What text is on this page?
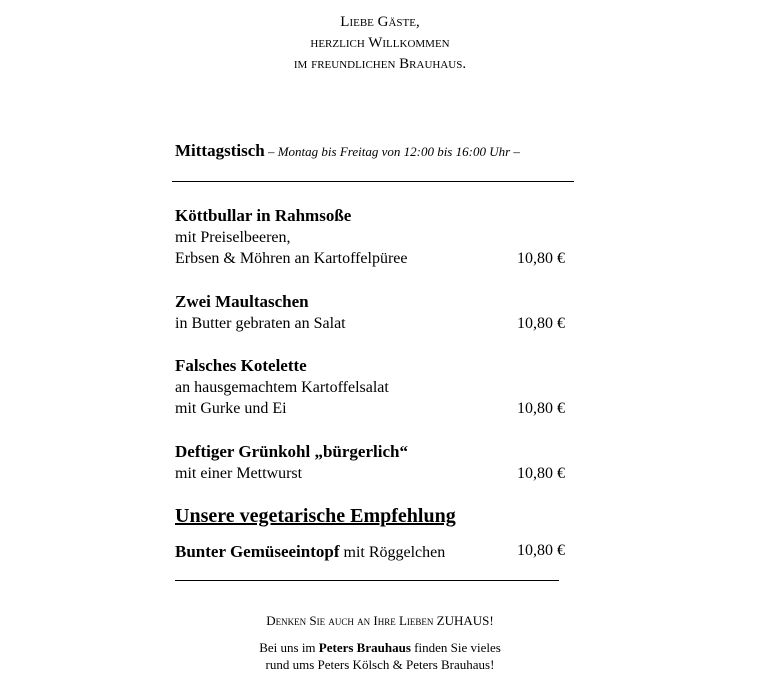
Liebe Gäste,
herzlich Willkommen
im freundlichen Brauhaus.
Mittagstisch – Montag bis Freitag von 12:00 bis 16:00 Uhr –
Köttbullar in Rahmsoße
mit Preiselbeeren,
Erbsen & Möhren an Kartoffelpüree	10,80 €
Zwei Maultaschen
in Butter gebraten an Salat	10,80 €
Falsches Kotelette
an hausgemachtem Kartoffelsalat
mit Gurke und Ei	10,80 €
Deftiger Grünkohl „bürgerlich“
mit einer Mettwurst	10,80 €
Unsere vegetarische Empfehlung
Bunter Gemüseeintopf mit Röggelchen	10,80 €
Denken Sie auch an Ihre Lieben ZUHAUS!
Bei uns im Peters Brauhaus finden Sie vieles
rund ums Peters Kölsch & Peters Brauhaus!
